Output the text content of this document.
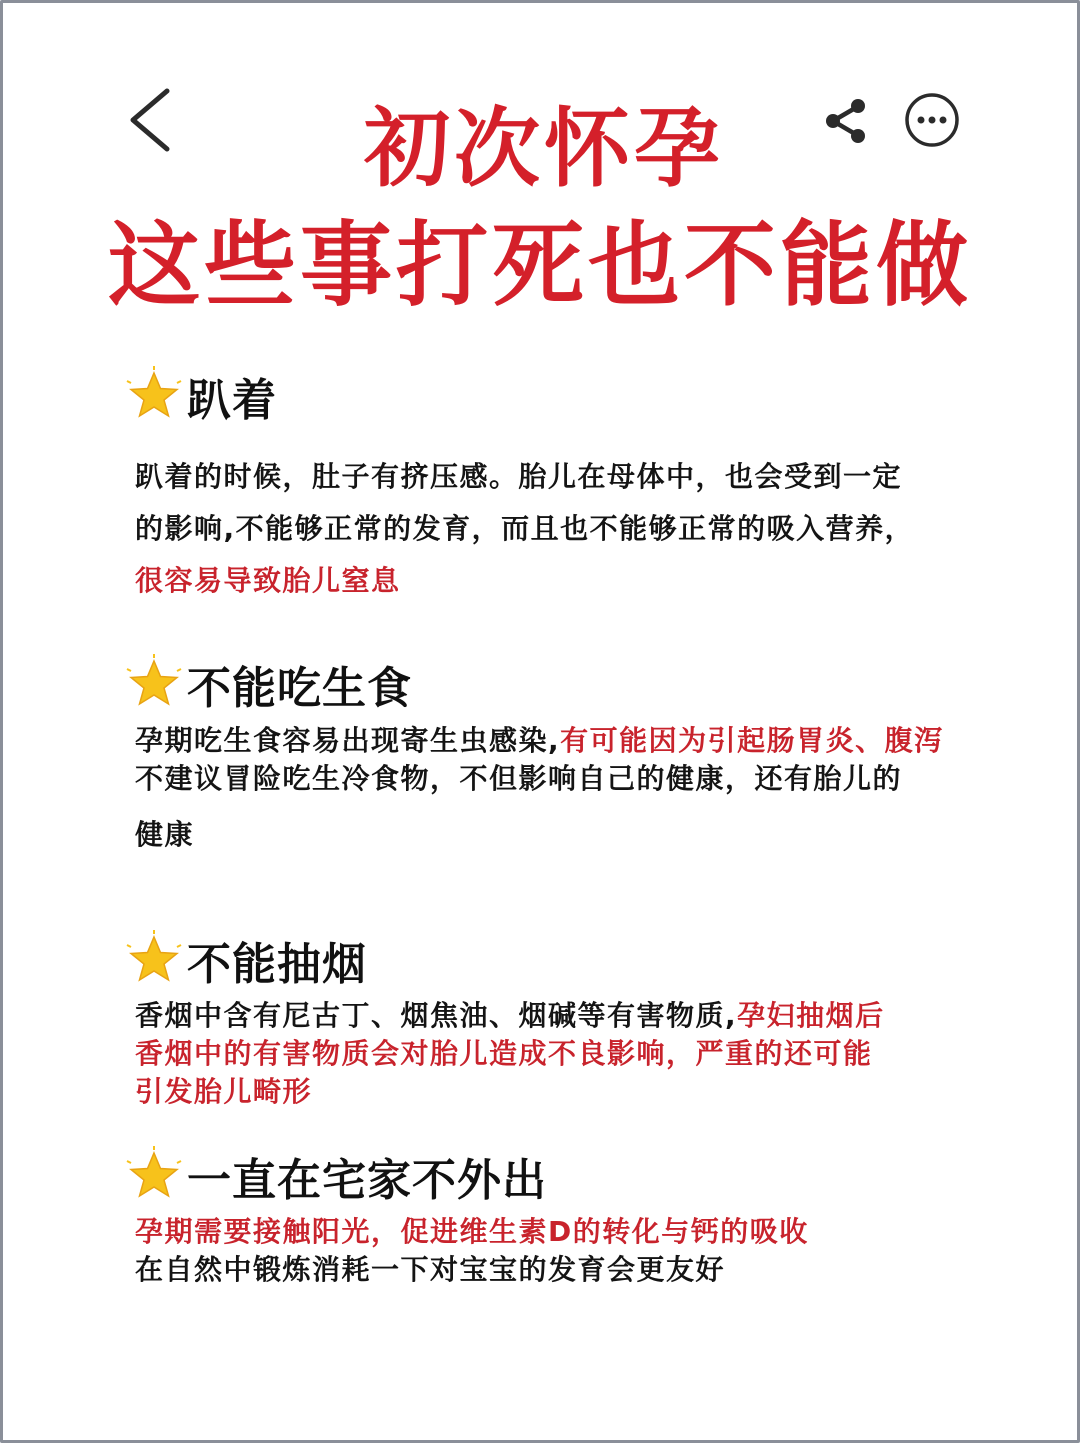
初次怀孕
这些事打死也不能做
趴着
趴着的时候，肚子有挤压感。胎儿在母体中，也会受到一定
的影响,不能够正常的发育，而且也不能够正常的吸入营养，
很容易导致胎儿窒息
不能吃生食
孕期吃生食容易出现寄生虫感染,有可能因为引起肠胃炎、腹泻
不建议冒险吃生冷食物，不但影响自己的健康，还有胎儿的
健康
不能抽烟
香烟中含有尼古丁、烟焦油、烟碱等有害物质,孕妇抽烟后
香烟中的有害物质会对胎儿造成不良影响，严重的还可能
引发胎儿畸形
一直在宅家不外出
孕期需要接触阳光，促进维生素D的转化与钙的吸收
在自然中锻炼消耗一下对宝宝的发育会更友好
